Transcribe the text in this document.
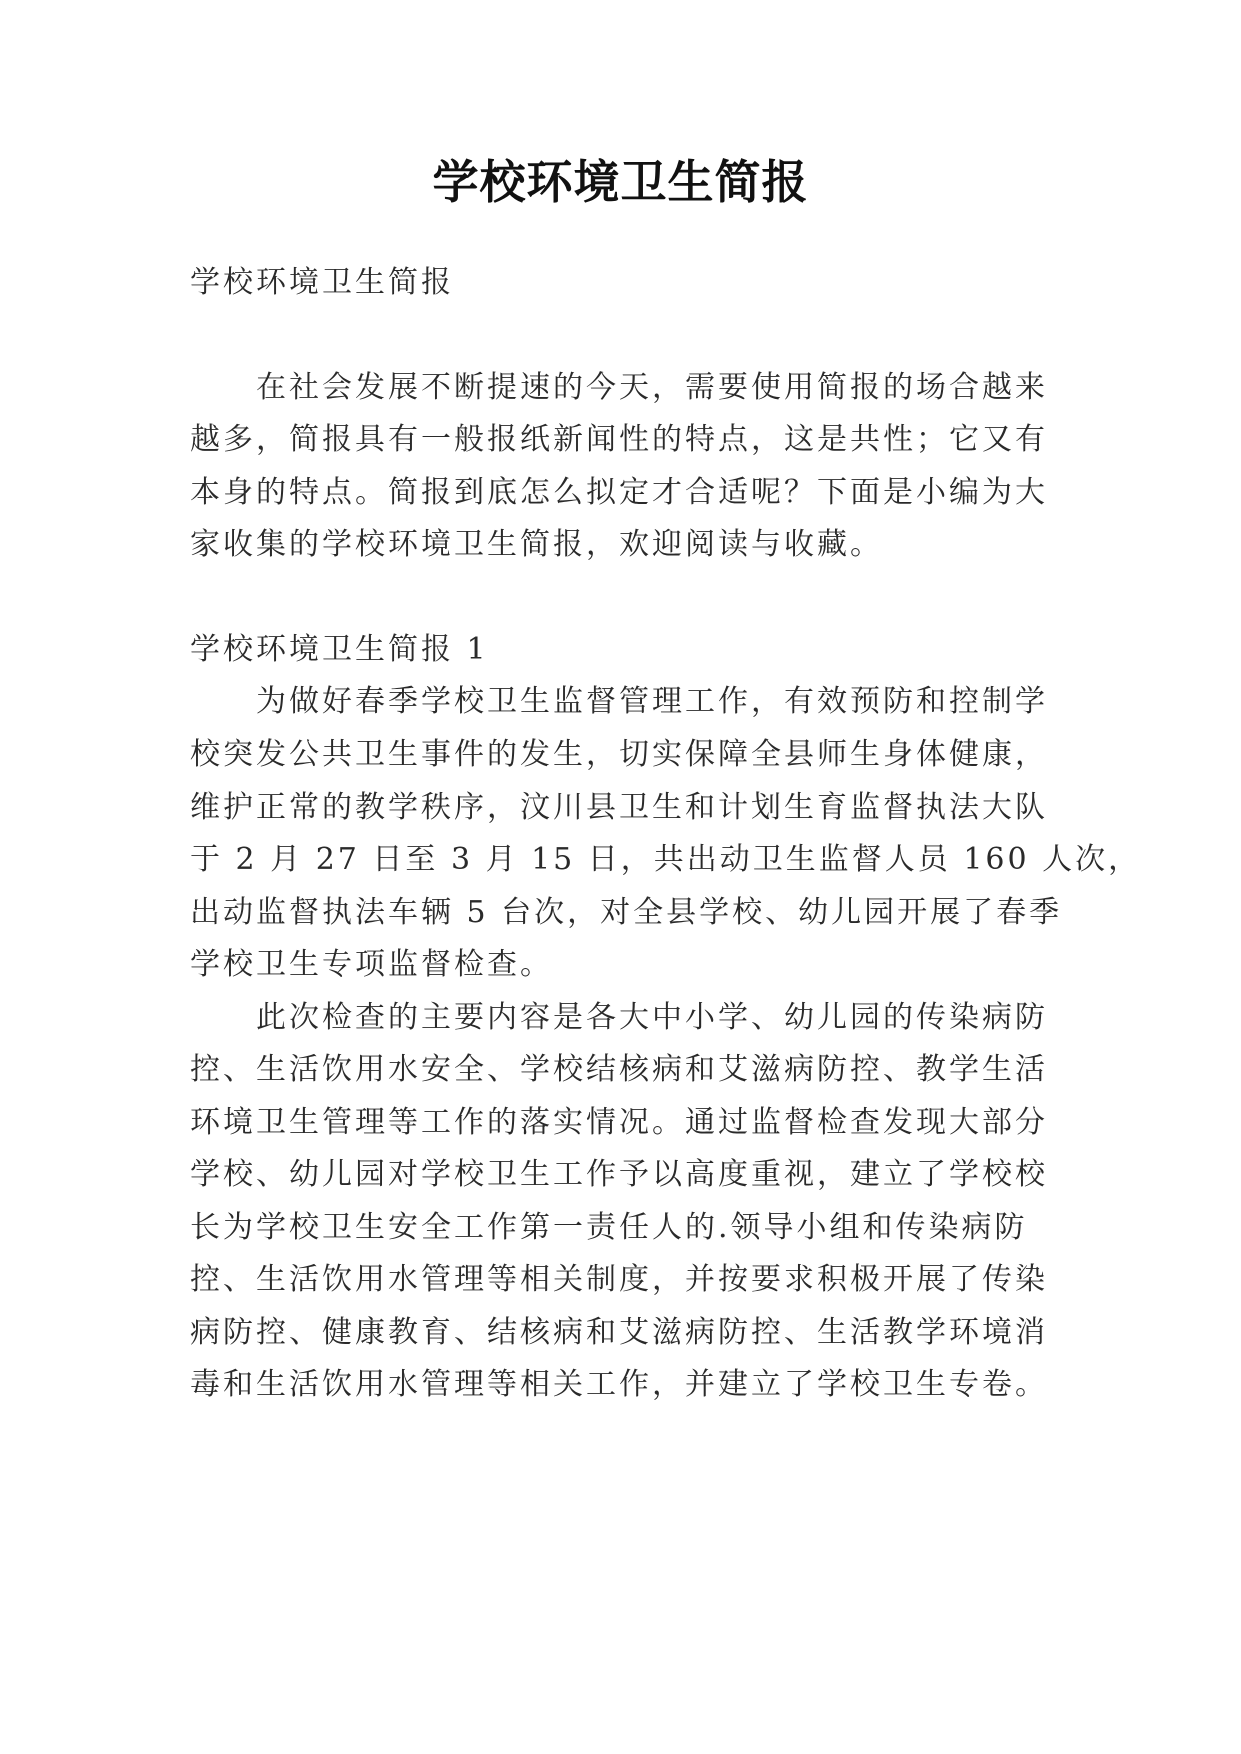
学校环境卫生简报

学校环境卫生简报

在社会发展不断提速的今天，需要使用简报的场合越来

越多，简报具有一般报纸新闻性的特点，这是共性；它又有

本身的特点。简报到底怎么拟定才合适呢？下面是小编为大

家收集的学校环境卫生简报，欢迎阅读与收藏。

学校环境卫生简报 1

为做好春季学校卫生监督管理工作，有效预防和控制学

校突发公共卫生事件的发生，切实保障全县师生身体健康，

维护正常的教学秩序，汶川县卫生和计划生育监督执法大队

于 2 月 27 日至 3 月 15 日，共出动卫生监督人员 160 人次，

出动监督执法车辆 5 台次，对全县学校、幼儿园开展了春季

学校卫生专项监督检查。

此次检查的主要内容是各大中小学、幼儿园的传染病防

控、生活饮用水安全、学校结核病和艾滋病防控、教学生活

环境卫生管理等工作的落实情况。通过监督检查发现大部分

学校、幼儿园对学校卫生工作予以高度重视，建立了学校校

长为学校卫生安全工作第一责任人的.领导小组和传染病防

控、生活饮用水管理等相关制度，并按要求积极开展了传染

病防控、健康教育、结核病和艾滋病防控、生活教学环境消

毒和生活饮用水管理等相关工作，并建立了学校卫生专卷。
